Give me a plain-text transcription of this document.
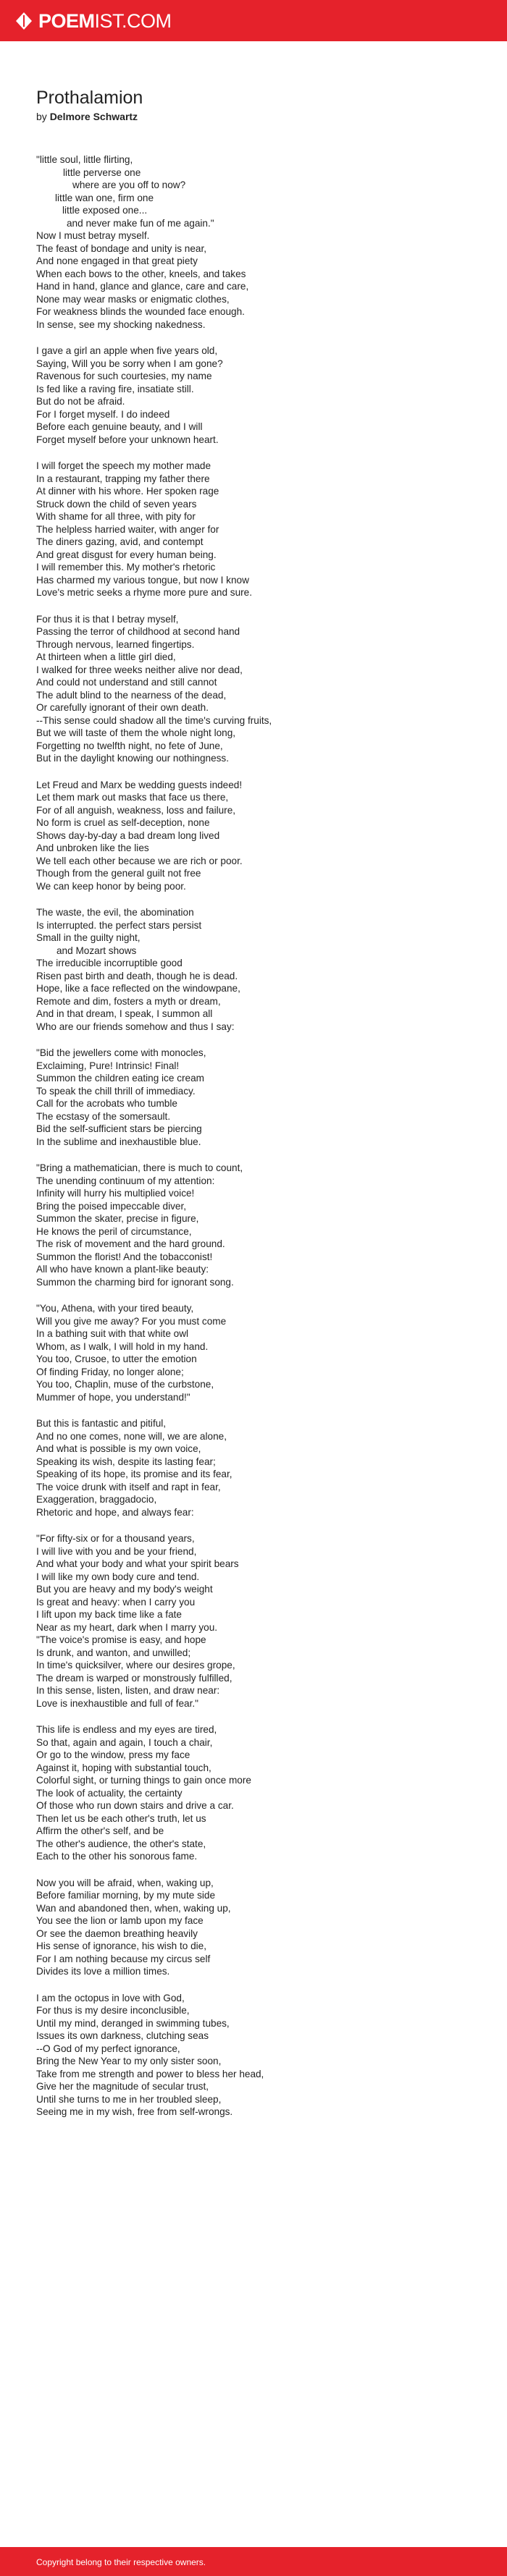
POEMIST.COM
Prothalamion
by Delmore Schwartz
"little soul, little flirting,
little perverse one
where are you off to now?
little wan one, firm one
little exposed one...
and never make fun of me again."
Now I must betray myself.
The feast of bondage and unity is near,
And none engaged in that great piety
When each bows to the other, kneels, and takes
Hand in hand, glance and glance, care and care,
None may wear masks or enigmatic clothes,
For weakness blinds the wounded face enough.
In sense, see my shocking nakedness.
I gave a girl an apple when five years old,
Saying, Will you be sorry when I am gone?
Ravenous for such courtesies, my name
Is fed like a raving fire, insatiate still.
But do not be afraid.
For I forget myself. I do indeed
Before each genuine beauty, and I will
Forget myself before your unknown heart.
I will forget the speech my mother made
In a restaurant, trapping my father there
At dinner with his whore. Her spoken rage
Struck down the child of seven years
With shame for all three, with pity for
The helpless harried waiter, with anger for
The diners gazing, avid, and contempt
And great disgust for every human being.
I will remember this. My mother's rhetoric
Has charmed my various tongue, but now I know
Love's metric seeks a rhyme more pure and sure.
For thus it is that I betray myself,
Passing the terror of childhood at second hand
Through nervous, learned fingertips.
At thirteen when a little girl died,
I walked for three weeks neither alive nor dead,
And could not understand and still cannot
The adult blind to the nearness of the dead,
Or carefully ignorant of their own death.
--This sense could shadow all the time's curving fruits,
But we will taste of them the whole night long,
Forgetting no twelfth night, no fete of June,
But in the daylight knowing our nothingness.
Let Freud and Marx be wedding guests indeed!
Let them mark out masks that face us there,
For of all anguish, weakness, loss and failure,
No form is cruel as self-deception, none
Shows day-by-day a bad dream long lived
And unbroken like the lies
We tell each other because we are rich or poor.
Though from the general guilt not free
We can keep honor by being poor.
The waste, the evil, the abomination
Is interrupted. the perfect stars persist
Small in the guilty night,
and Mozart shows
The irreducible incorruptible good
Risen past birth and death, though he is dead.
Hope, like a face reflected on the windowpane,
Remote and dim, fosters a myth or dream,
And in that dream, I speak, I summon all
Who are our friends somehow and thus I say:
"Bid the jewellers come with monocles,
Exclaiming, Pure! Intrinsic! Final!
Summon the children eating ice cream
To speak the chill thrill of immediacy.
Call for the acrobats who tumble
The ecstasy of the somersault.
Bid the self-sufficient stars be piercing
In the sublime and inexhaustible blue.
"Bring a mathematician, there is much to count,
The unending continuum of my attention:
Infinity will hurry his multiplied voice!
Bring the poised impeccable diver,
Summon the skater, precise in figure,
He knows the peril of circumstance,
The risk of movement and the hard ground.
Summon the florist! And the tobacconist!
All who have known a plant-like beauty:
Summon the charming bird for ignorant song.
"You, Athena, with your tired beauty,
Will you give me away? For you must come
In a bathing suit with that white owl
Whom, as I walk, I will hold in my hand.
You too, Crusoe, to utter the emotion
Of finding Friday, no longer alone;
You too, Chaplin, muse of the curbstone,
Mummer of hope, you understand!"
But this is fantastic and pitiful,
And no one comes, none will, we are alone,
And what is possible is my own voice,
Speaking its wish, despite its lasting fear;
Speaking of its hope, its promise and its fear,
The voice drunk with itself and rapt in fear,
Exaggeration, braggadocio,
Rhetoric and hope, and always fear:
"For fifty-six or for a thousand years,
I will live with you and be your friend,
And what your body and what your spirit bears
I will like my own body cure and tend.
But you are heavy and my body's weight
Is great and heavy: when I carry you
I lift upon my back time like a fate
Near as my heart, dark when I marry you.
"The voice's promise is easy, and hope
Is drunk, and wanton, and unwilled;
In time's quicksilver, where our desires grope,
The dream is warped or monstrously fulfilled,
In this sense, listen, listen, and draw near:
Love is inexhaustible and full of fear."
This life is endless and my eyes are tired,
So that, again and again, I touch a chair,
Or go to the window, press my face
Against it, hoping with substantial touch,
Colorful sight, or turning things to gain once more
The look of actuality, the certainty
Of those who run down stairs and drive a car.
Then let us be each other's truth, let us
Affirm the other's self, and be
The other's audience, the other's state,
Each to the other his sonorous fame.
Now you will be afraid, when, waking up,
Before familiar morning, by my mute side
Wan and abandoned then, when, waking up,
You see the lion or lamb upon my face
Or see the daemon breathing heavily
His sense of ignorance, his wish to die,
For I am nothing because my circus self
Divides its love a million times.
I am the octopus in love with God,
For thus is my desire inconclusible,
Until my mind, deranged in swimming tubes,
Issues its own darkness, clutching seas
--O God of my perfect ignorance,
Bring the New Year to my only sister soon,
Take from me strength and power to bless her head,
Give her the magnitude of secular trust,
Until she turns to me in her troubled sleep,
Seeing me in my wish, free from self-wrongs.
Copyright belong to their respective owners.
